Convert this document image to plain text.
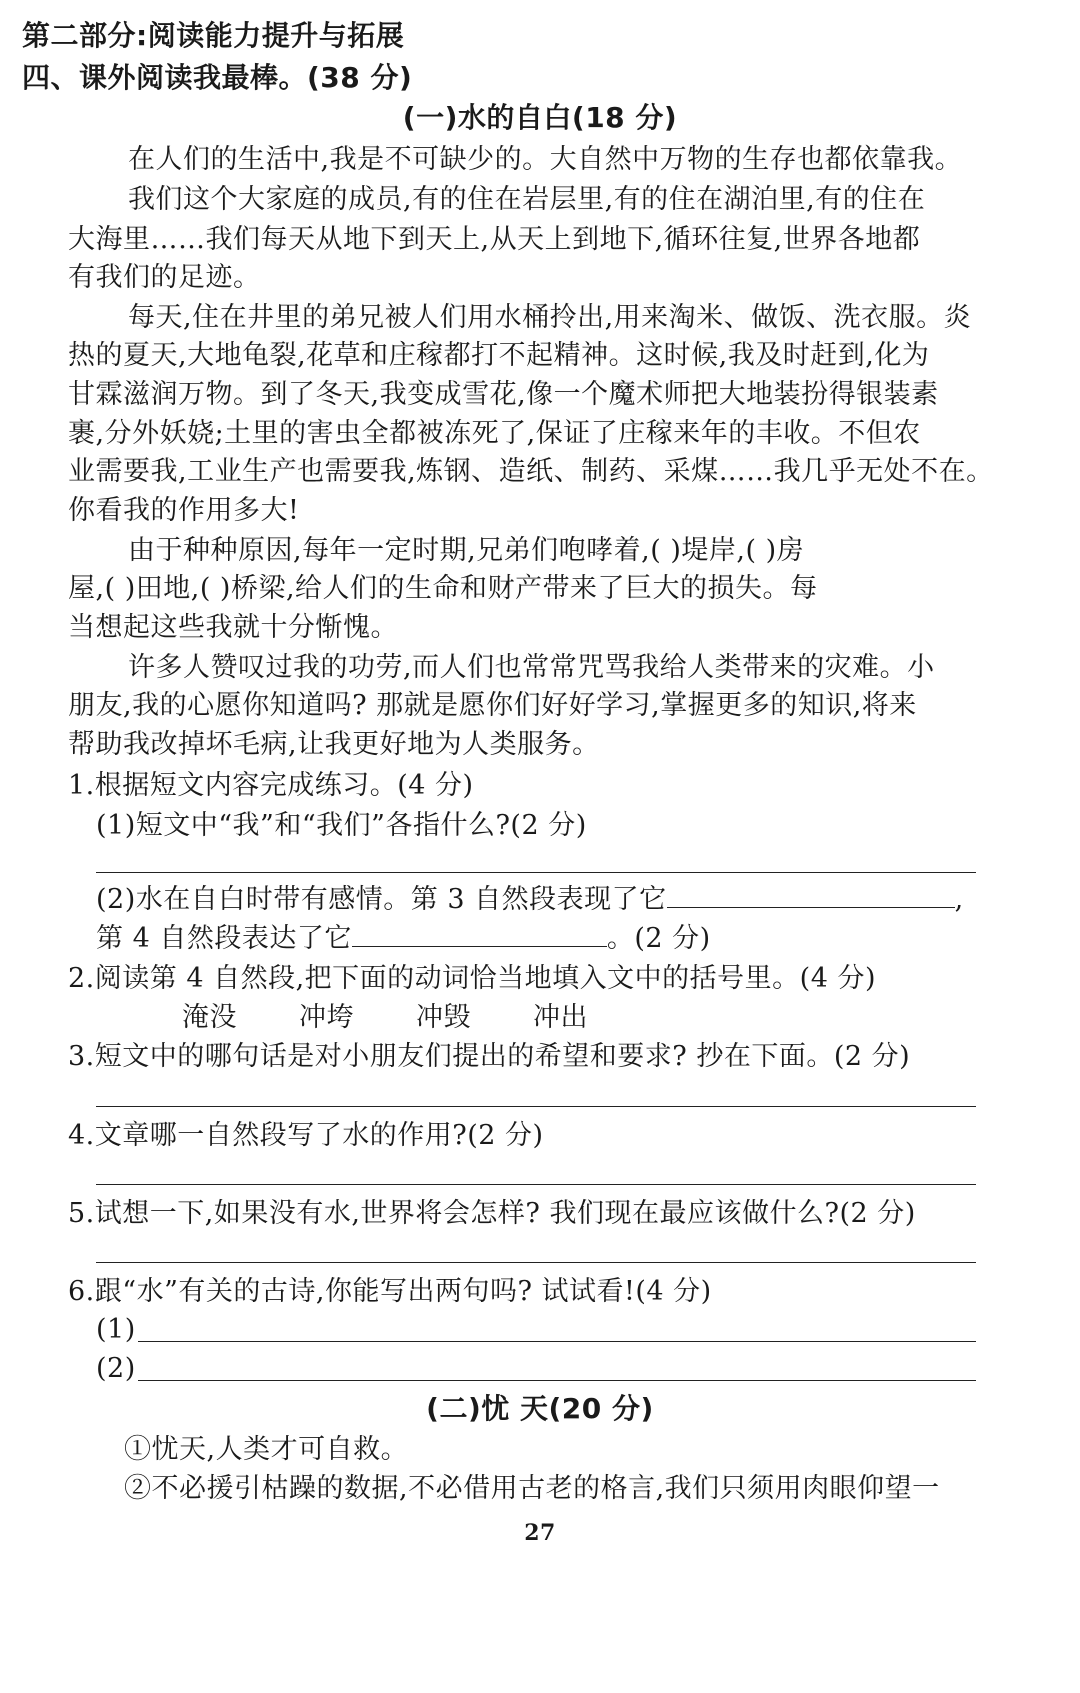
第二部分:阅读能力提升与拓展
四、课外阅读我最棒。(38 分)
(一)水的自白(18 分)
在人们的生活中,我是不可缺少的。大自然中万物的生存也都依靠我。
我们这个大家庭的成员,有的住在岩层里,有的住在湖泊里,有的住在
大海里……我们每天从地下到天上,从天上到地下,循环往复,世界各地都
有我们的足迹。
每天,住在井里的弟兄被人们用水桶拎出,用来淘米、做饭、洗衣服。炎
热的夏天,大地龟裂,花草和庄稼都打不起精神。这时候,我及时赶到,化为
甘霖滋润万物。到了冬天,我变成雪花,像一个魔术师把大地装扮得银装素
裹,分外妖娆;土里的害虫全都被冻死了,保证了庄稼来年的丰收。不但农
业需要我,工业生产也需要我,炼钢、造纸、制药、采煤……我几乎无处不在。
你看我的作用多大!
由于种种原因,每年一定时期,兄弟们咆哮着,( )堤岸,( )房
屋,( )田地,( )桥梁,给人们的生命和财产带来了巨大的损失。每
当想起这些我就十分惭愧。
许多人赞叹过我的功劳,而人们也常常咒骂我给人类带来的灾难。小
朋友,我的心愿你知道吗? 那就是愿你们好好学习,掌握更多的知识,将来
帮助我改掉坏毛病,让我更好地为人类服务。
1.根据短文内容完成练习。(4 分)
(1)短文中“我”和“我们”各指什么?(2 分)
(2)水在自白时带有感情。第 3 自然段表现了它	,
第 4 自然段表达了它	。(2 分)
2.阅读第 4 自然段,把下面的动词恰当地填入文中的括号里。(4 分)
淹没 冲垮 冲毁 冲出
3.短文中的哪句话是对小朋友们提出的希望和要求? 抄在下面。(2 分)
4.文章哪一自然段写了水的作用?(2 分)
5.试想一下,如果没有水,世界将会怎样? 我们现在最应该做什么?(2 分)
6.跟“水”有关的古诗,你能写出两句吗? 试试看!(4 分)
(1)
(2)
(二)忧 天(20 分)
①忧天,人类才可自救。
②不必援引枯躁的数据,不必借用古老的格言,我们只须用肉眼仰望一
27
